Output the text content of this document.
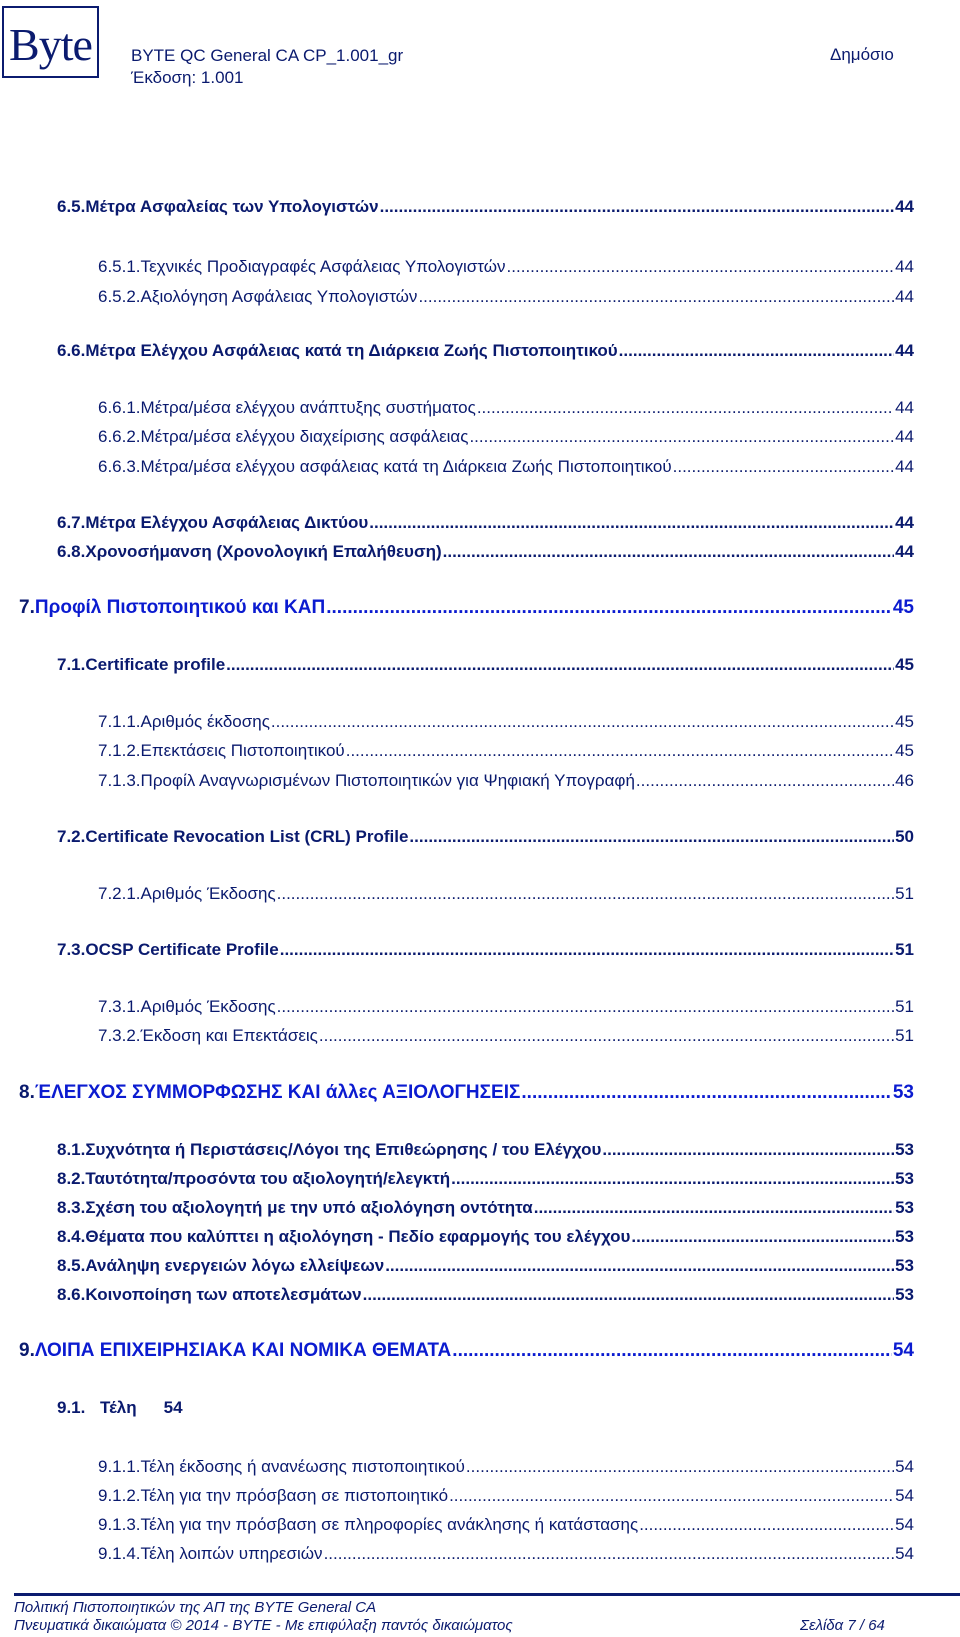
Byte BYTE QC General CA CP_1.001_gr
Έκδοση: 1.001
Δημόσιο
6.5. Μέτρα Ασφαλείας των Υπολογιστών .....	44
6.5.1. Τεχνικές Προδιαγραφές Ασφάλειας Υπολογιστών .....	44
6.5.2. Αξιολόγηση Ασφάλειας Υπολογιστών .....	44
6.6. Μέτρα Ελέγχου Ασφάλειας κατά τη Διάρκεια Ζωής Πιστοποιητικού .....	44
6.6.1. Μέτρα/μέσα ελέγχου ανάπτυξης συστήματος .....	44
6.6.2. Μέτρα/μέσα ελέγχου διαχείρισης ασφάλειας .....	44
6.6.3. Μέτρα/μέσα ελέγχου ασφάλειας κατά τη Διάρκεια Ζωής Πιστοποιητικού .....	44
6.7. Μέτρα Ελέγχου Ασφάλειας Δικτύου .....	44
6.8. Χρονοσήμανση (Χρονολογική Επαλήθευση) .....	44
7. Προφίλ Πιστοποιητικού και ΚΑΠ .....	45
7.1. Certificate profile .....	45
7.1.1. Αριθμός έκδοσης .....	45
7.1.2. Επεκτάσεις Πιστοποιητικού .....	45
7.1.3. Προφίλ Αναγνωρισμένων Πιστοποιητικών για Ψηφιακή Υπογραφή .....	46
7.2. Certificate Revocation List (CRL) Profile .....	50
7.2.1. Αριθμός Έκδοσης .....	51
7.3. OCSP Certificate Profile .....	51
7.3.1. Αριθμός Έκδοσης .....	51
7.3.2. Έκδοση και Επεκτάσεις .....	51
8. ΈΛΕΓΧΟΣ ΣΥΜΜΟΡΦΩΣΗΣ ΚΑΙ άλλες ΑΞΙΟΛΟΓΗΣΕΙΣ .....	53
8.1. Συχνότητα ή Περιστάσεις/Λόγοι της Επιθεώρησης / του Ελέγχου .....	53
8.2. Ταυτότητα/προσόντα του αξιολογητή/ελεγκτή .....	53
8.3. Σχέση του αξιολογητή με την υπό αξιολόγηση οντότητα .....	53
8.4. Θέματα που καλύπτει η αξιολόγηση - Πεδίο εφαρμογής του ελέγχου .....	53
8.5. Ανάληψη ενεργειών λόγω ελλείψεων .....	53
8.6. Κοινοποίηση των αποτελεσμάτων .....	53
9. ΛΟΙΠΑ ΕΠΙΧΕΙΡΗΣΙΑΚΑ ΚΑΙ ΝΟΜΙΚΑ ΘΕΜΑΤΑ .....	54
9.1. Τέλη 54
9.1.1. Τέλη έκδοσης ή ανανέωσης πιστοποιητικού .....	54
9.1.2. Τέλη για την πρόσβαση σε πιστοποιητικό .....	54
9.1.3. Τέλη για την πρόσβαση σε πληροφορίες ανάκλησης ή κατάστασης .....	54
9.1.4. Τέλη λοιπών υπηρεσιών .....	54
Πολιτική Πιστοποιητικών της ΑΠ της BYTE General CA
Πνευματικά δικαιώματα © 2014 - BYTE - Με επιφύλαξη παντός δικαιώματος	Σελίδα 7 / 64
